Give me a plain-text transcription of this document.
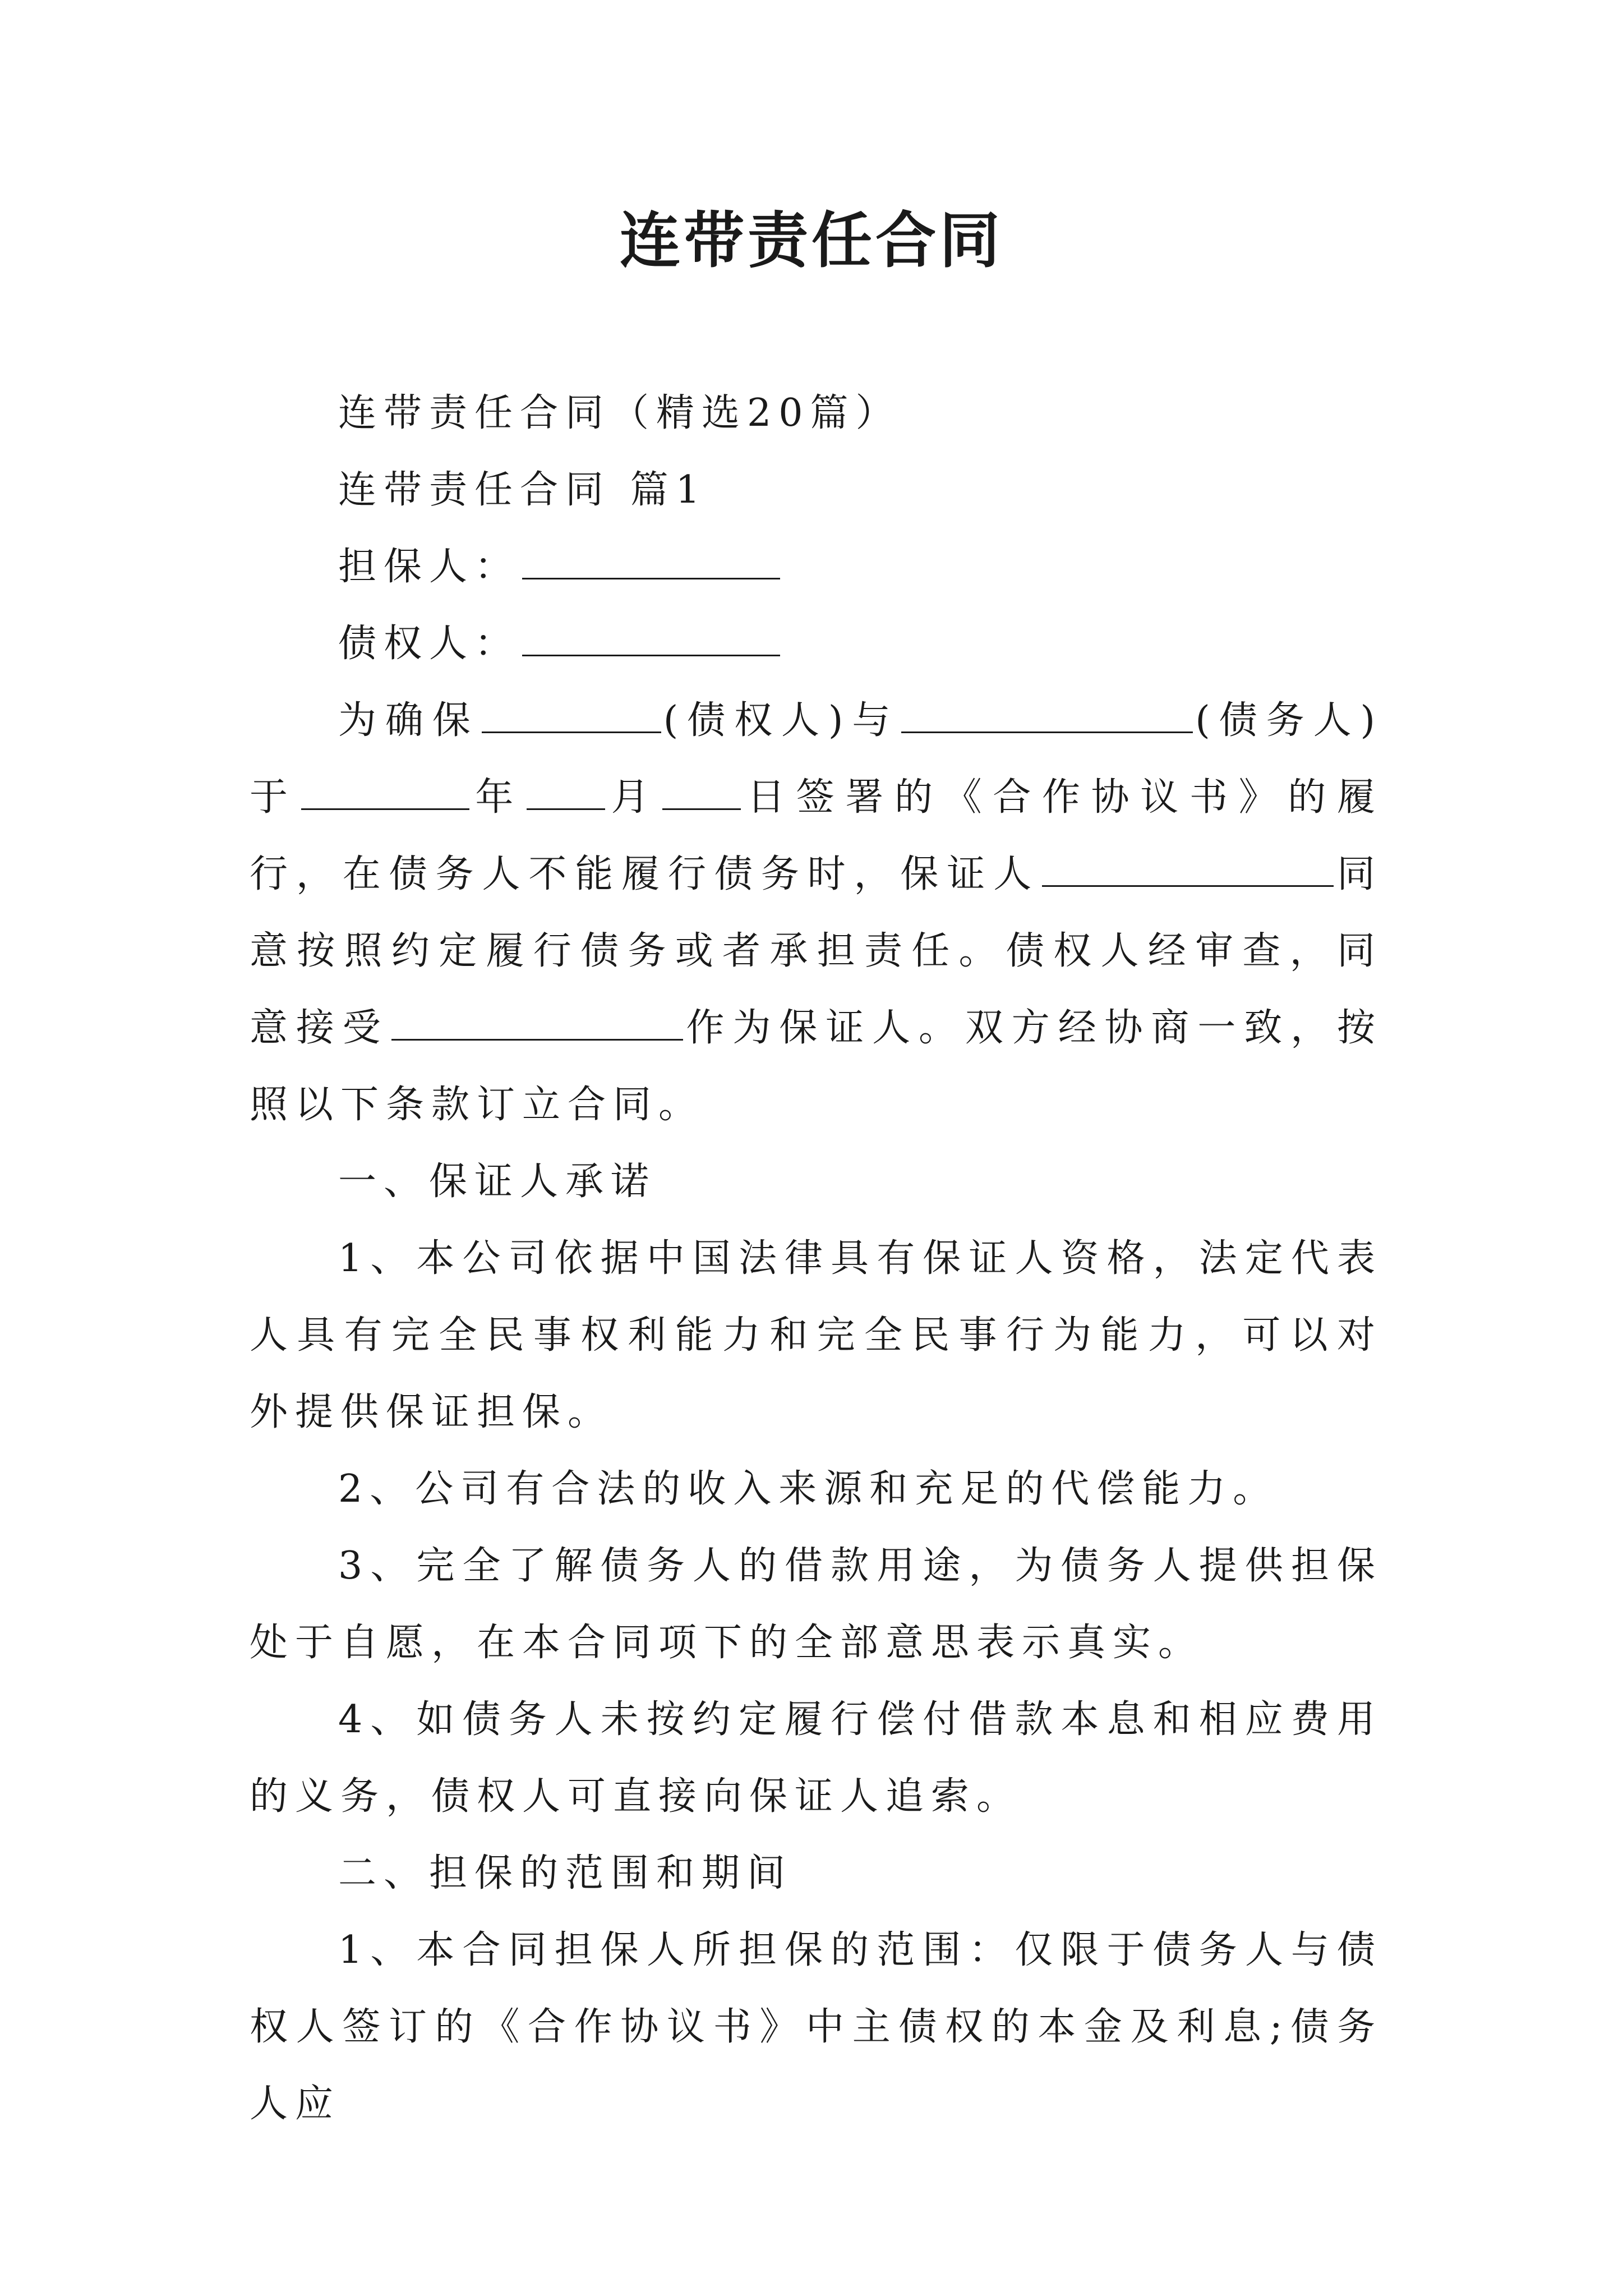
连带责任合同

连带责任合同（精选20篇）

连带责任合同 篇1

担保人：

债权人：

为确保	(债权人)与	(债务人)于	年 月 日签署的《合作协议书》的履行，在债务人不能履行债务时，保证人	同意按照约定履行债务或者承担责任。债权人经审查，同意接受	作为保证人。双方经协商一致，按照以下条款订立合同。

一、保证人承诺

1、本公司依据中国法律具有保证人资格，法定代表人具有完全民事权利能力和完全民事行为能力，可以对外提供保证担保。

2、公司有合法的收入来源和充足的代偿能力。

3、完全了解债务人的借款用途，为债务人提供担保处于自愿，在本合同项下的全部意思表示真实。

4、如债务人未按约定履行偿付借款本息和相应费用的义务，债权人可直接向保证人追索。

二、担保的范围和期间

1、本合同担保人所担保的范围：仅限于债务人与债权人签订的《合作协议书》中主债权的本金及利息;债务人应
